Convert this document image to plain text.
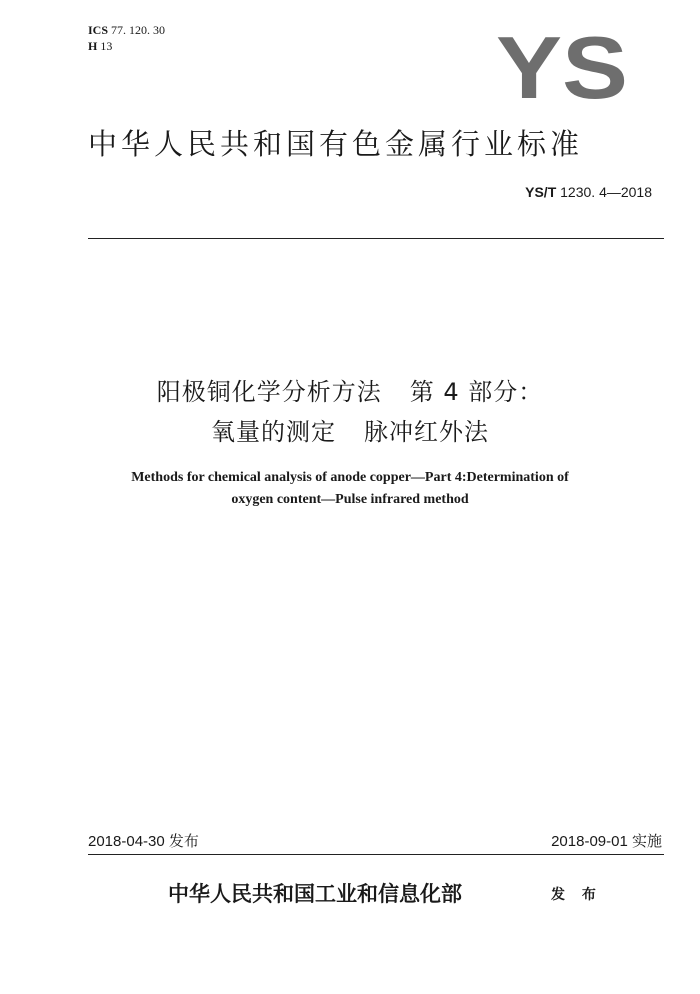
ICS 77. 120. 30
H 13	YS
中华人民共和国有色金属行业标准
YS/T 1230. 4—2018
阳极铜化学分析方法 第 4 部分：
氧量的测定 脉冲红外法
Methods for chemical analysis of anode copper—Part 4:Determination of
oxygen content—Pulse infrared method
2018-04-30 发布	2018-09-01 实施
中华人民共和国工业和信息化部	发 布
